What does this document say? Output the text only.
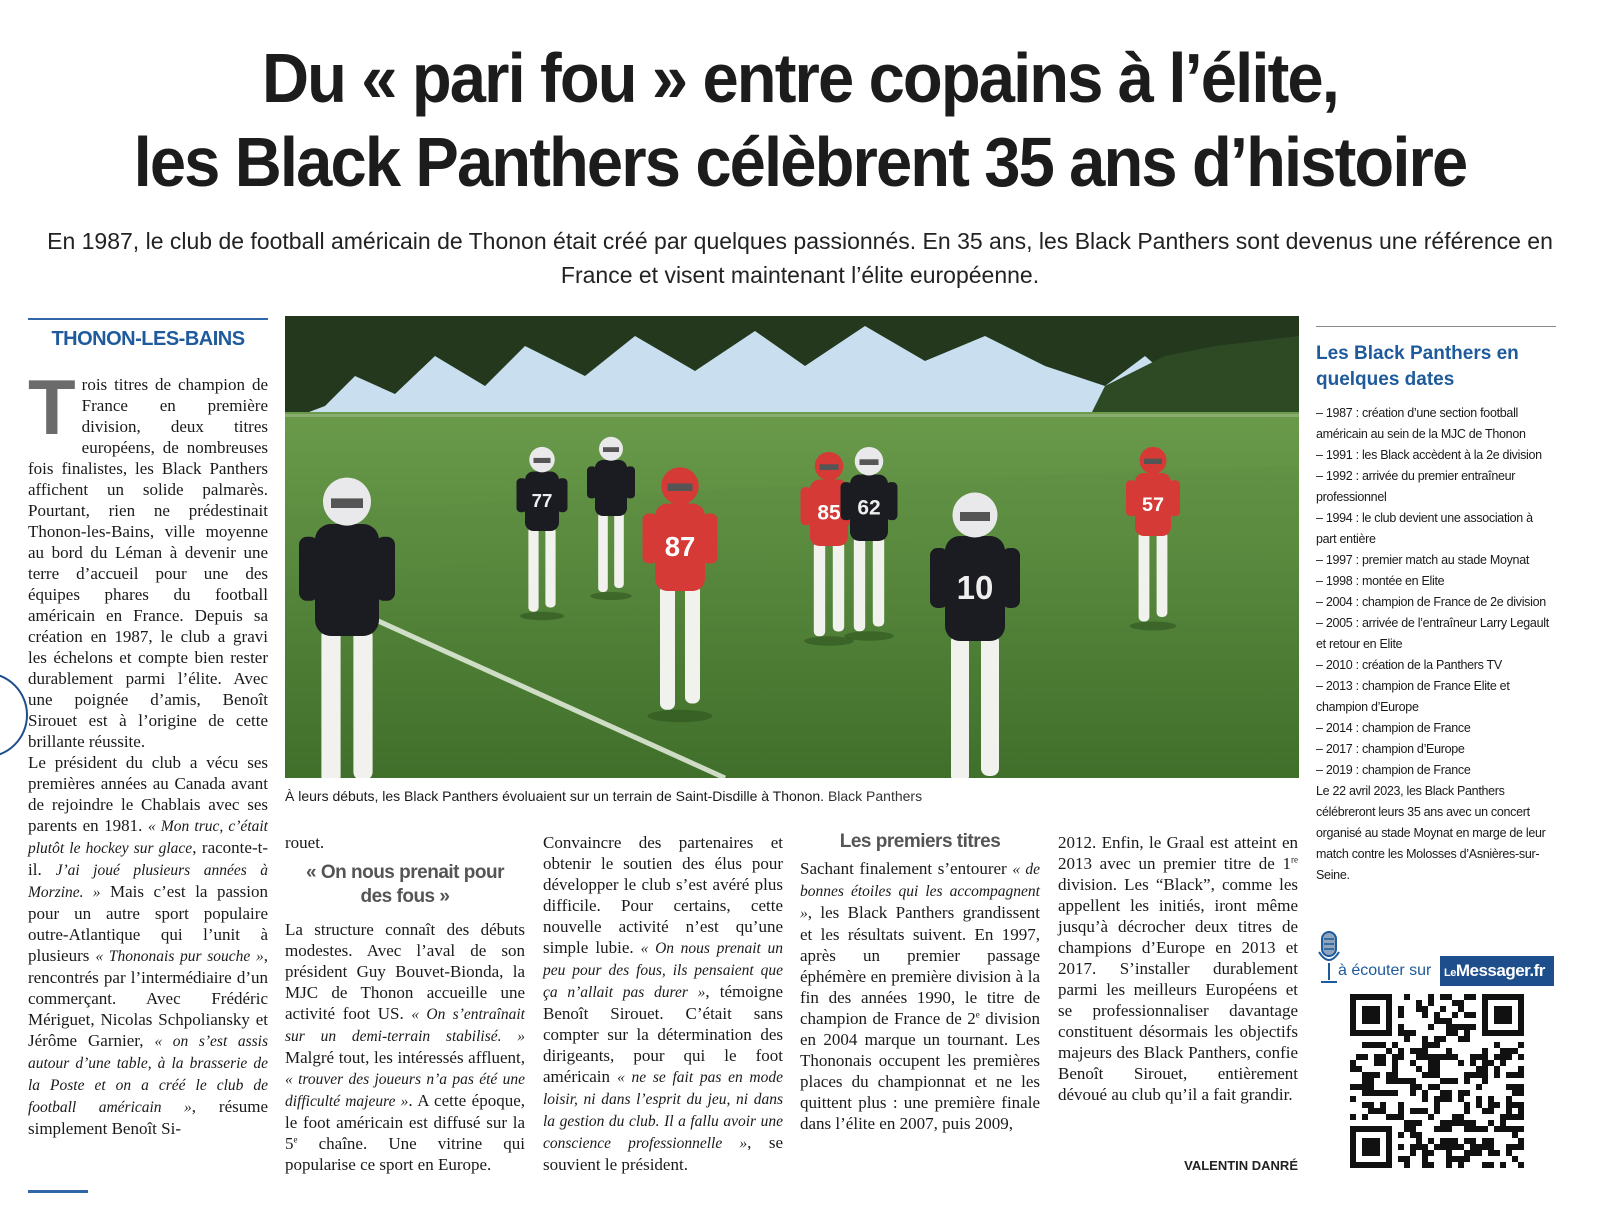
Du « pari fou » entre copains à l’élite,
les Black Panthers célèbrent 35 ans d’histoire
En 1987, le club de football américain de Thonon était créé par quelques passionnés. En 35 ans, les Black Panthers sont devenus une référence en France et visent maintenant l’élite européenne.
THONON-LES-BAINS

Trois titres de champion de France en première division, deux titres européens, de nombreuses fois finalistes, les Black Panthers affichent un solide palmarès. Pourtant, rien ne prédestinait Thonon-les-Bains, ville moyenne au bord du Léman à devenir une terre d’accueil pour une des équipes phares du football américain en France. Depuis sa création en 1987, le club a gravi les échelons et compte bien rester durablement parmi l’élite. Avec une poignée d’amis, Benoît Sirouet est à l’origine de cette brillante réussite.

Le président du club a vécu ses premières années au Canada avant de rejoindre le Chablais avec ses parents en 1981. « Mon truc, c’était plutôt le hockey sur glace, raconte-t-il. J’ai joué plusieurs années à Morzine. » Mais c’est la passion pour un autre sport populaire outre-Atlantique qui l’unit à plusieurs « Thononais pur souche », rencontrés par l’intermédiaire d’un commerçant. Avec Frédéric Mériguet, Nicolas Schpoliansky et Jérôme Garnier, « on s’est assis autour d’une table, à la brasserie de la Poste et on a créé le club de football américain », résume simplement Benoît Si-

77
87
85 62
10
57
À leurs débuts, les Black Panthers évoluaient sur un terrain de Saint-Disdille à Thonon. Black Panthers

rouet.

« On nous prenait pour des fous »

La structure connaît des débuts modestes. Avec l’aval de son président Guy Bouvet-Bionda, la MJC de Thonon accueille une activité foot US. « On s’entraînait sur un demi-terrain stabilisé. » Malgré tout, les intéressés affluent, « trouver des joueurs n’a pas été une difficulté majeure ». A cette époque, le foot américain est diffusé sur la 5e chaîne. Une vitrine qui popularise ce sport en Europe.

Convaincre des partenaires et obtenir le soutien des élus pour développer le club s’est avéré plus difficile. Pour certains, cette nouvelle activité n’est qu’une simple lubie. « On nous prenait un peu pour des fous, ils pensaient que ça n’allait pas durer », témoigne Benoît Sirouet. C’était sans compter sur la détermination des dirigeants, pour qui le foot américain « ne se fait pas en mode loisir, ni dans l’esprit du jeu, ni dans la gestion du club. Il a fallu avoir une conscience professionnelle », se souvient le président.

Les premiers titres

Sachant finalement s’entourer « de bonnes étoiles qui les accompagnent », les Black Panthers grandissent et les résultats suivent. En 1997, après un premier passage éphémère en première division à la fin des années 1990, le titre de champion de France de 2e division en 2004 marque un tournant. Les Thononais occupent les premières places du championnat et ne les quittent plus : une première finale dans l’élite en 2007, puis 2009,

2012. Enfin, le Graal est atteint en 2013 avec un premier titre de 1re division. Les “Black”, comme les appellent les initiés, iront même jusqu’à décrocher deux titres de champions d’Europe en 2013 et 2017. S’installer durablement parmi les meilleurs Européens et se professionnaliser davantage constituent désormais les objectifs majeurs des Black Panthers, confie Benoît Sirouet, entièrement dévoué au club qu’il a fait grandir.

VALENTIN DANRÉ
Les Black Panthers en quelques dates
– 1987 : création d’une section football américain au sein de la MJC de Thonon
– 1991 : les Black accèdent à la 2e division
– 1992 : arrivée du premier entraîneur professionnel
– 1994 : le club devient une association à part entière
– 1997 : premier match au stade Moynat
– 1998 : montée en Elite
– 2004 : champion de France de 2e division
– 2005 : arrivée de l’entraîneur Larry Legault et retour en Elite
– 2010 : création de la Panthers TV
– 2013 : champion de France Elite et champion d’Europe
– 2014 : champion de France
– 2017 : champion d’Europe
– 2019 : champion de France
Le 22 avril 2023, les Black Panthers célébreront leurs 35 ans avec un concert organisé au stade Moynat en marge de leur match contre les Molosses d’Asnières-sur-Seine.
à écouter sur	LeMessager.fr
